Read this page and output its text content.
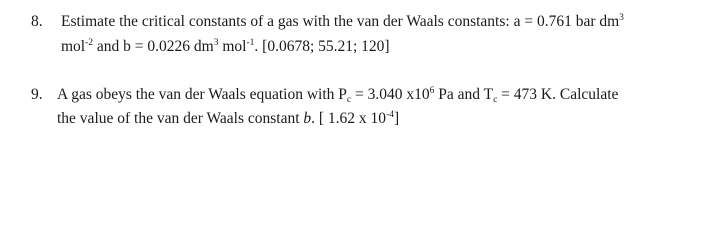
8. Estimate the critical constants of a gas with the van der Waals constants: a = 0.761 bar $dm^3$
mol$^{-2}$ and b = 0.0226 $dm^3$ mol$^{-1}$. [0.0678; 55.21; 120]
9. A gas obeys the van der Waals equation with $P_c = 3.040$ $x10^6$ Pa and $T_c = 473$ K. Calculate
the value of the van der Waals constant b. [ 1.62 x $10^{-4}$]
